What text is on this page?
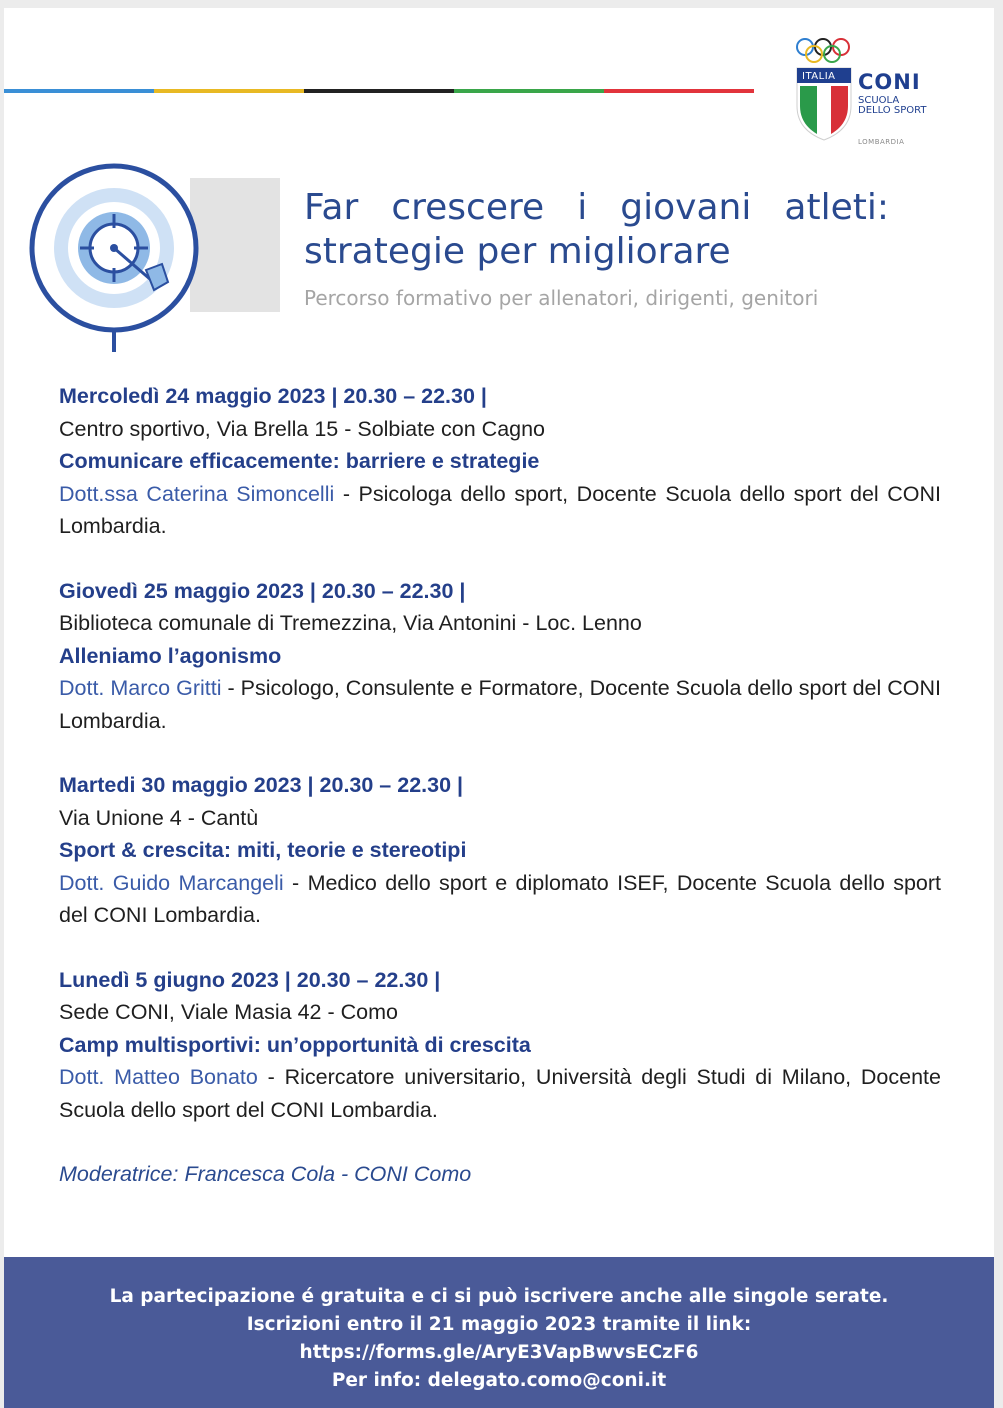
ITALIA CONI
SCUOLA
DELLO SPORT
LOMBARDIA
Far crescere i giovani atleti:
strategie per migliorare
Percorso formativo per allenatori, dirigenti, genitori
Mercoledì 24 maggio 2023 | 20.30 – 22.30 |
Centro sportivo, Via Brella 15 - Solbiate con Cagno
Comunicare efficacemente: barriere e strategie
Dott.ssa Caterina Simoncelli - Psicologa dello sport, Docente Scuola dello sport del CONI Lombardia.
Giovedì 25 maggio 2023 | 20.30 – 22.30 |
Biblioteca comunale di Tremezzina, Via Antonini - Loc. Lenno
Alleniamo l’agonismo
Dott. Marco Gritti - Psicologo, Consulente e Formatore, Docente Scuola dello sport del CONI Lombardia.
Martedi 30 maggio 2023 | 20.30 – 22.30 |
Via Unione 4 - Cantù
Sport & crescita: miti, teorie e stereotipi
Dott. Guido Marcangeli - Medico dello sport e diplomato ISEF, Docente Scuola dello sport del CONI Lombardia.
Lunedì 5 giugno 2023 | 20.30 – 22.30 |
Sede CONI, Viale Masia 42 - Como
Camp multisportivi: un’opportunità di crescita
Dott. Matteo Bonato - Ricercatore universitario, Università degli Studi di Milano, Docente Scuola dello sport del CONI Lombardia.
Moderatrice: Francesca Cola - CONI Como
La partecipazione é gratuita e ci si può iscrivere anche alle singole serate.
Iscrizioni entro il 21 maggio 2023 tramite il link:
https://forms.gle/AryE3VapBwvsECzF6
Per info: delegato.como@coni.it
